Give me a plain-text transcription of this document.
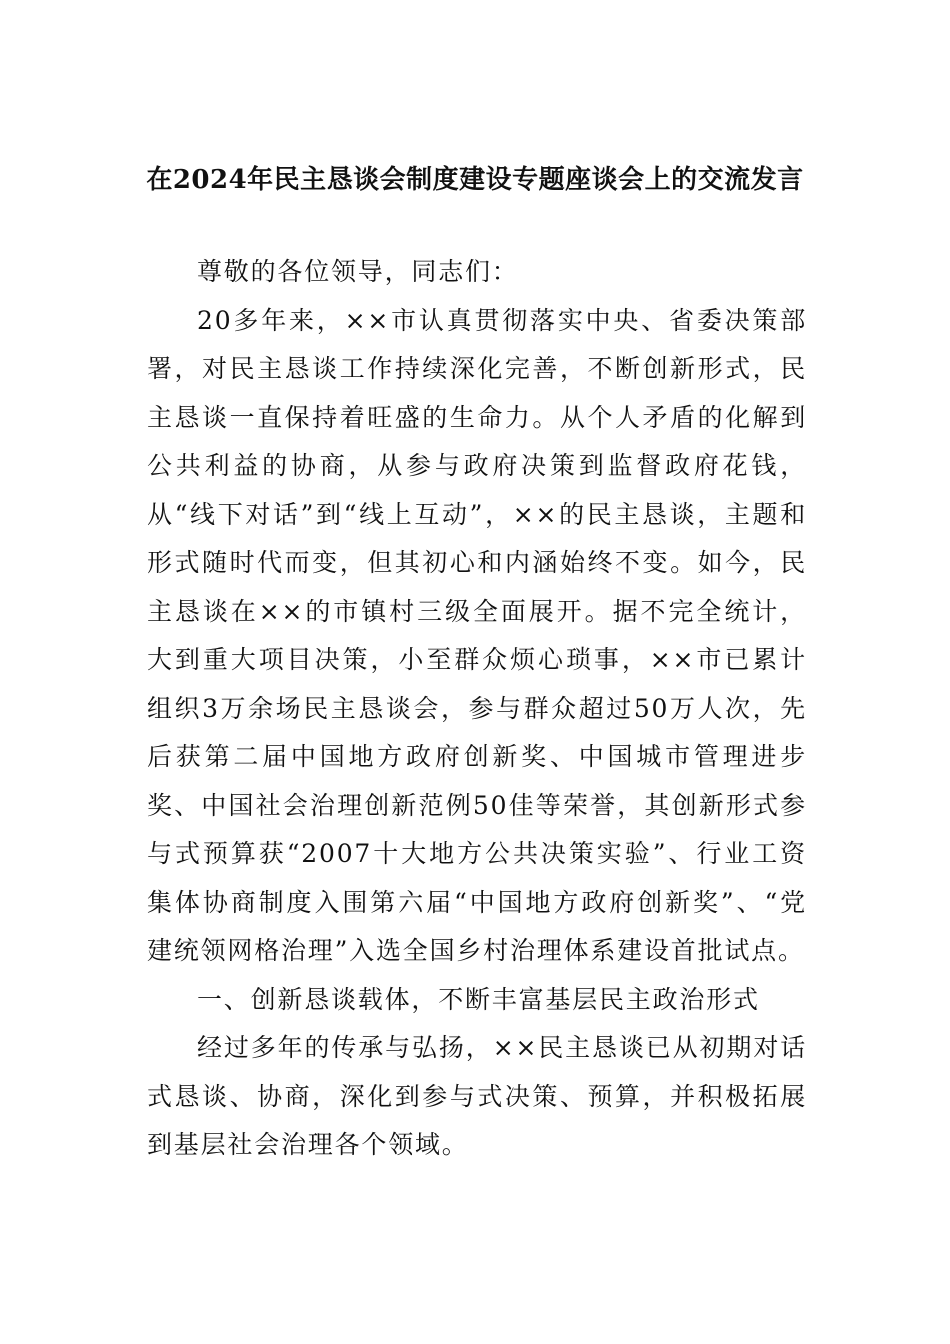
在2024年民主恳谈会制度建设专题座谈会上的交流发言

尊敬的各位领导，同志们：

20多年来，××市认真贯彻落实中央、省委决策部署，对民主恳谈工作持续深化完善，不断创新形式，民主恳谈一直保持着旺盛的生命力。从个人矛盾的化解到公共利益的协商，从参与政府决策到监督政府花钱，从“线下对话”到“线上互动”，××的民主恳谈，主题和形式随时代而变，但其初心和内涵始终不变。如今，民主恳谈在××的市镇村三级全面展开。据不完全统计，大到重大项目决策，小至群众烦心琐事，××市已累计组织3万余场民主恳谈会，参与群众超过50万人次，先后获第二届中国地方政府创新奖、中国城市管理进步奖、中国社会治理创新范例50佳等荣誉，其创新形式参与式预算获“2007十大地方公共决策实验”、行业工资集体协商制度入围第六届“中国地方政府创新奖”、“党建统领网格治理”入选全国乡村治理体系建设首批试点。

一、创新恳谈载体，不断丰富基层民主政治形式

经过多年的传承与弘扬，××民主恳谈已从初期对话式恳谈、协商，深化到参与式决策、预算，并积极拓展到基层社会治理各个领域。
